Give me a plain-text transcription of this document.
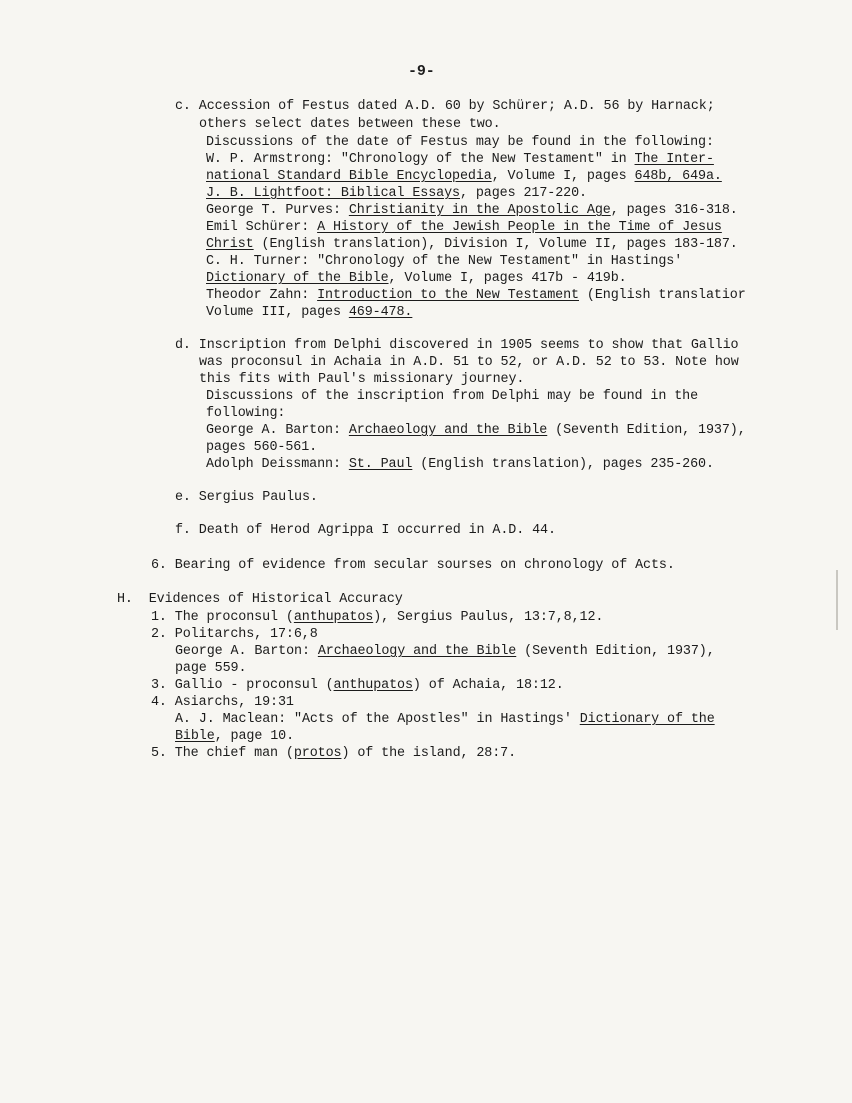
-9-
c. Accession of Festus dated A.D. 60 by Schürer; A.D. 56 by Harnack;
others select dates between these two.
Discussions of the date of Festus may be found in the following:
W. P. Armstrong: "Chronology of the New Testament" in The Inter-
national Standard Bible Encyclopedia, Volume I, pages 648b, 649a.
J. B. Lightfoot: Biblical Essays, pages 217-220.
George T. Purves: Christianity in the Apostolic Age, pages 316-318.
Emil Schürer: A History of the Jewish People in the Time of Jesus
Christ (English translation), Division I, Volume II, pages 183-187.
C. H. Turner: "Chronology of the New Testament" in Hastings'
Dictionary of the Bible, Volume I, pages 417b - 419b.
Theodor Zahn: Introduction to the New Testament (English translatior
Volume III, pages 469-478.
d. Inscription from Delphi discovered in 1905 seems to show that Gallio
was proconsul in Achaia in A.D. 51 to 52, or A.D. 52 to 53. Note how
this fits with Paul's missionary journey.
Discussions of the inscription from Delphi may be found in the
following:
George A. Barton: Archaeology and the Bible (Seventh Edition, 1937),
pages 560-561.
Adolph Deissmann: St. Paul (English translation), pages 235-260.
e. Sergius Paulus.
f. Death of Herod Agrippa I occurred in A.D. 44.
6. Bearing of evidence from secular sourses on chronology of Acts.
H.  Evidences of Historical Accuracy
1. The proconsul (anthupatos), Sergius Paulus, 13:7,8,12.
2. Politarchs, 17:6,8
George A. Barton: Archaeology and the Bible (Seventh Edition, 1937),
page 559.
3. Gallio - proconsul (anthupatos) of Achaia, 18:12.
4. Asiarchs, 19:31
A. J. Maclean: "Acts of the Apostles" in Hastings' Dictionary of the
Bible, page 10.
5. The chief man (protos) of the island, 28:7.
